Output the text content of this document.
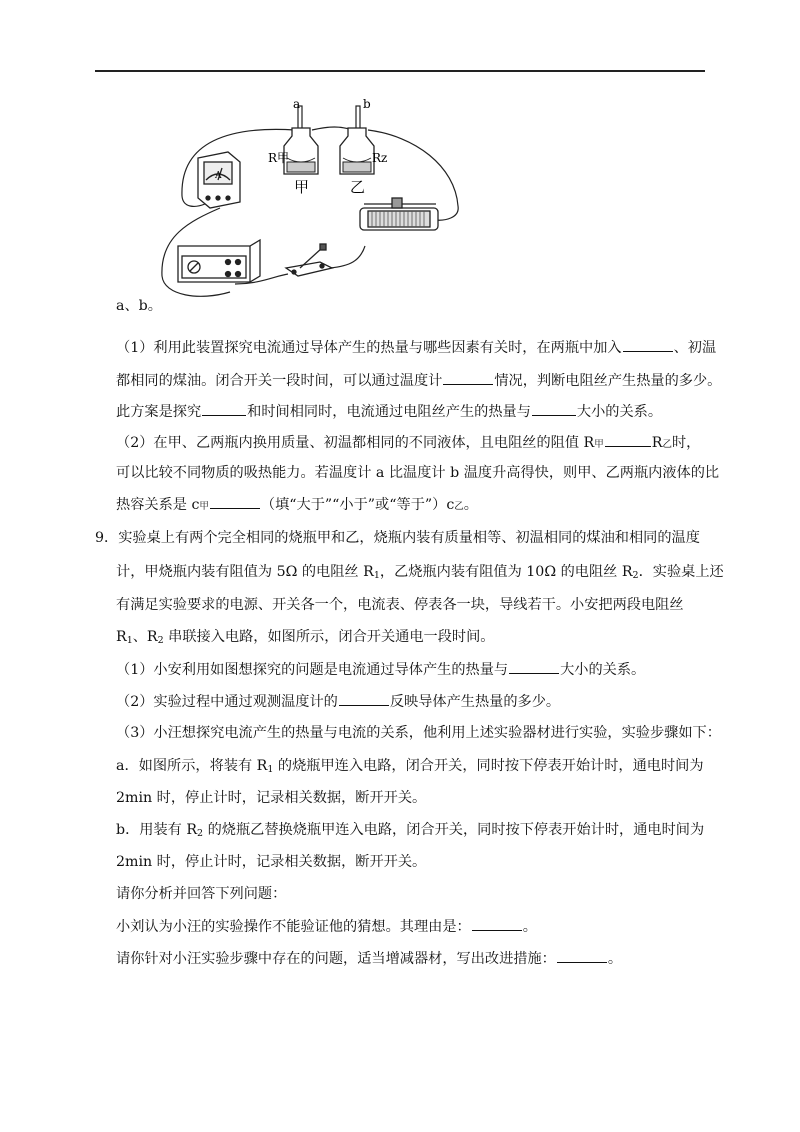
a	b
R甲	Rz
甲	乙
A
a、b。
（1）利用此装置探究电流通过导体产生的热量与哪些因素有关时，在两瓶中加入	、初温
都相同的煤油。闭合开关一段时间，可以通过温度计	情况，判断电阻丝产生热量的多少。
此方案是探究	和时间相同时，电流通过电阻丝产生的热量与	大小的关系。
（2）在甲、乙两瓶内换用质量、初温都相同的不同液体，且电阻丝的阻值 R甲	R乙时，
可以比较不同物质的吸热能力。若温度计 a 比温度计 b 温度升高得快，则甲、乙两瓶内液体的比
热容关系是 c甲	（填“大于”“小于”或“等于”）c乙。
9．实验桌上有两个完全相同的烧瓶甲和乙，烧瓶内装有质量相等、初温相同的煤油和相同的温度
计，甲烧瓶内装有阻值为 5Ω 的电阻丝 $R_1$，乙烧瓶内装有阻值为 10Ω 的电阻丝 $R_2$．实验桌上还
有满足实验要求的电源、开关各一个，电流表、停表各一块，导线若干。小安把两段电阻丝
$R_1$、$R_2$ 串联接入电路，如图所示，闭合开关通电一段时间。
（1）小安利用如图想探究的问题是电流通过导体产生的热量与	大小的关系。
（2）实验过程中通过观测温度计的	反映导体产生热量的多少。
（3）小汪想探究电流产生的热量与电流的关系，他利用上述实验器材进行实验，实验步骤如下：
a．如图所示，将装有 $R_1$ 的烧瓶甲连入电路，闭合开关，同时按下停表开始计时，通电时间为
2min 时，停止计时，记录相关数据，断开开关。
b．用装有 $R_2$ 的烧瓶乙替换烧瓶甲连入电路，闭合开关，同时按下停表开始计时，通电时间为
2min 时，停止计时，记录相关数据，断开开关。
请你分析并回答下列问题：
小刘认为小汪的实验操作不能验证他的猜想。其理由是：	。
请你针对小汪实验步骤中存在的问题，适当增减器材，写出改进措施：	。
